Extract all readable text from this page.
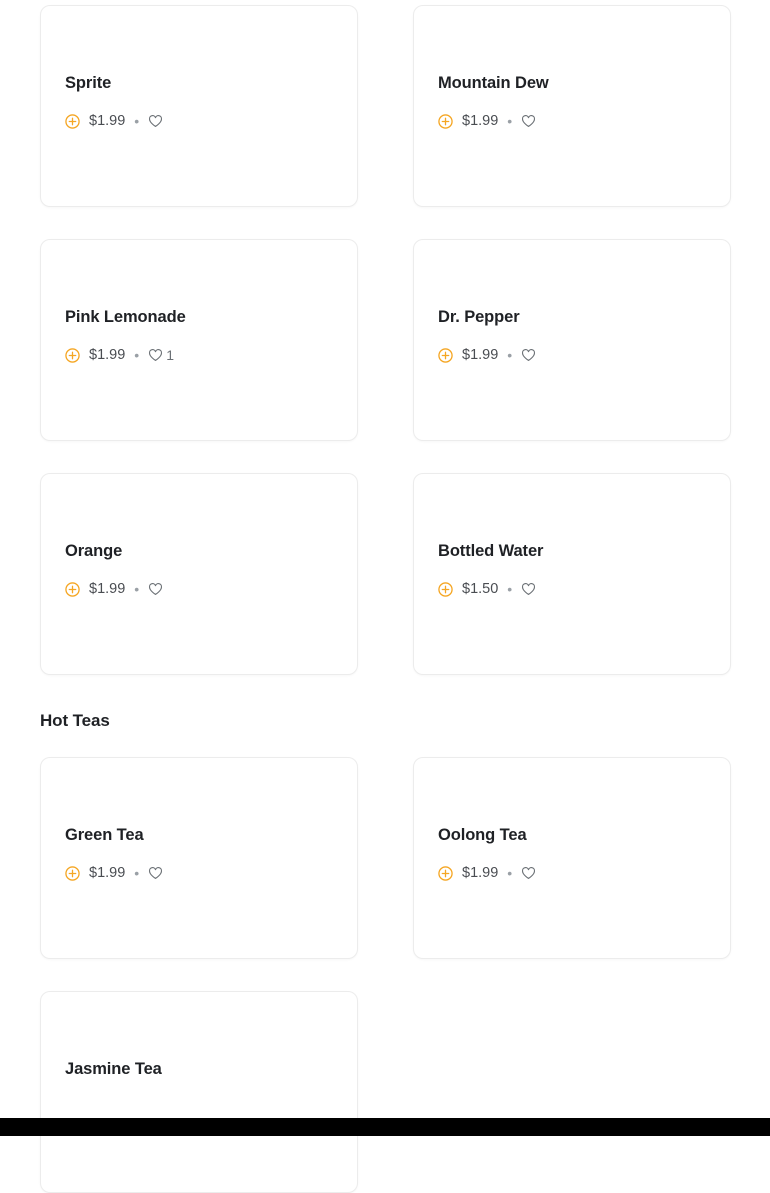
Sprite
$1.99 •
Mountain Dew
$1.99 •
Pink Lemonade
$1.99 • 1
Dr. Pepper
$1.99 •
Orange
$1.99 •
Bottled Water
$1.50 •
Hot Teas
Green Tea
$1.99 •
Oolong Tea
$1.99 •
Jasmine Tea
